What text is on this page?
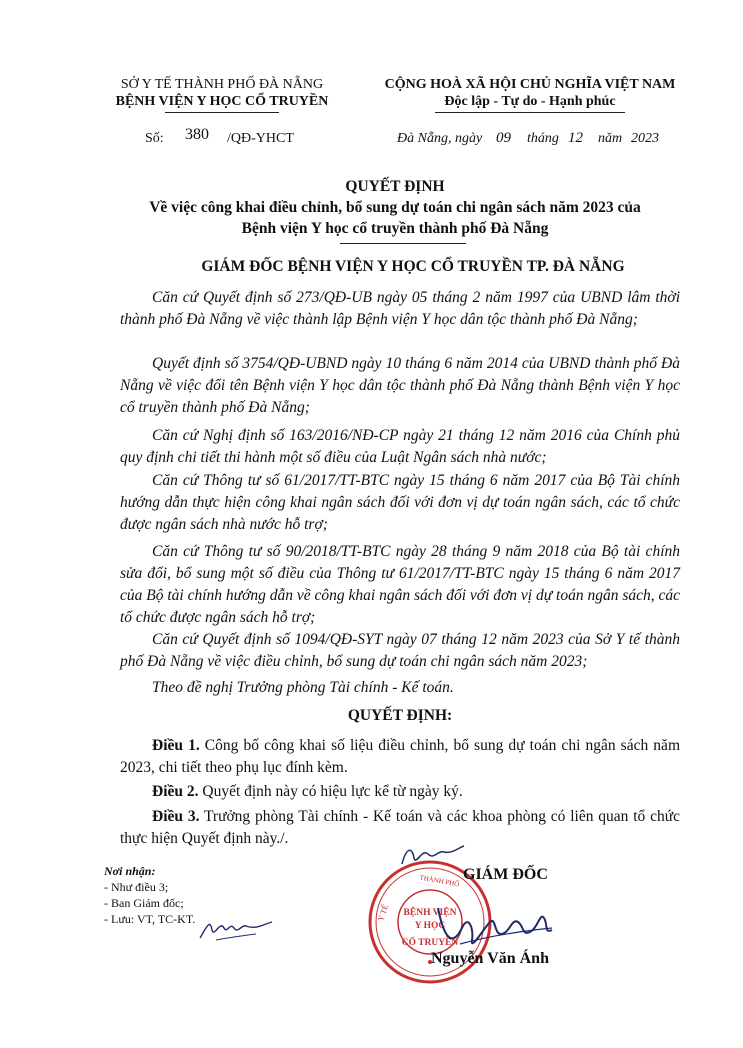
SỞ Y TẾ THÀNH PHỐ ĐÀ NẴNG
BỆNH VIỆN Y HỌC CỔ TRUYỀN
CỘNG HOÀ XÃ HỘI CHỦ NGHĨA VIỆT NAM
Độc lập - Tự do - Hạnh phúc
Số: 380 /QĐ-YHCT	Đà Nẵng, ngày 09 tháng 12 năm 2023
QUYẾT ĐỊNH
Về việc công khai điều chỉnh, bổ sung dự toán chi ngân sách năm 2023 của
Bệnh viện Y học cổ truyền thành phố Đà Nẵng
GIÁM ĐỐC BỆNH VIỆN Y HỌC CỔ TRUYỀN TP. ĐÀ NẴNG
Căn cứ Quyết định số 273/QĐ-UB ngày 05 tháng 2 năm 1997 của UBND lâm thời thành phố Đà Nẵng về việc thành lập Bệnh viện Y học dân tộc thành phố Đà Nẵng;
Quyết định số 3754/QĐ-UBND ngày 10 tháng 6 năm 2014 của UBND thành phố Đà Nẵng về việc đổi tên Bệnh viện Y học dân tộc thành phố Đà Nẵng thành Bệnh viện Y học cổ truyền thành phố Đà Nẵng;
Căn cứ Nghị định số 163/2016/NĐ-CP ngày 21 tháng 12 năm 2016 của Chính phủ quy định chi tiết thi hành một số điều của Luật Ngân sách nhà nước;
Căn cứ Thông tư số 61/2017/TT-BTC ngày 15 tháng 6 năm 2017 của Bộ Tài chính hướng dẫn thực hiện công khai ngân sách đối với đơn vị dự toán ngân sách, các tổ chức được ngân sách nhà nước hỗ trợ;
Căn cứ Thông tư số 90/2018/TT-BTC ngày 28 tháng 9 năm 2018 của Bộ tài chính sửa đổi, bổ sung một số điều của Thông tư 61/2017/TT-BTC ngày 15 tháng 6 năm 2017 của Bộ tài chính hướng dẫn về công khai ngân sách đối với đơn vị dự toán ngân sách, các tổ chức được ngân sách hỗ trợ;
Căn cứ Quyết định số 1094/QĐ-SYT ngày 07 tháng 12 năm 2023 của Sở Y tế thành phố Đà Nẵng về việc điều chỉnh, bổ sung dự toán chi ngân sách năm 2023;
Theo đề nghị Trưởng phòng Tài chính - Kế toán.
QUYẾT ĐỊNH:
Điều 1. Công bố công khai số liệu điều chỉnh, bổ sung dự toán chi ngân sách năm 2023, chi tiết theo phụ lục đính kèm.
Điều 2. Quyết định này có hiệu lực kể từ ngày ký.
Điều 3. Trưởng phòng Tài chính - Kế toán và các khoa phòng có liên quan tổ chức thực hiện Quyết định này./.
Nơi nhận:
- Như điều 3;
- Ban Giám đốc;
- Lưu: VT, TC-KT.
THÀNH PHỐ
Y TẾ BỆNH VIỆN
Y HỌC
CỔ TRUYỀN
GIÁM ĐỐC
Nguyễn Văn Ánh
